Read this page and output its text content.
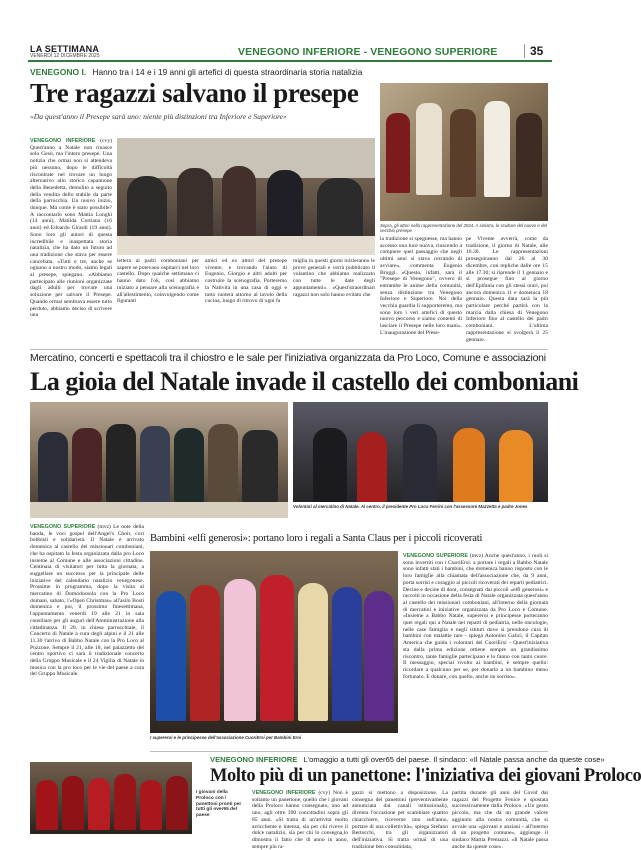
LA SETTIMANA
VENERDÌ 12 DICEMBRE 2025	VENEGONO INFERIORE - VENEGONO SUPERIORE	35
VENEGONO I. Hanno tra i 14 e i 19 anni gli artefici di questa straordinaria storia natalizia
Tre ragazzi salvano il presepe
«Da quest'anno il Presepe sarà uno: niente più distinzioni tra Inferiore e Superiore»
VENEGONO INFERIORE (cvy) Quest'anno a Natale non rinasce solo Gesù, ma l'intero presepe. Una notizia che ormai non si attendeva più nessuno, dopo le difficoltà riscontrate nel trovare un luogo alternativo allo storico capannone della Benedetta, demolito a seguito della vendita dello stabile da parte della parrocchia. Un nuovo inizio, dunque. Ma come è stato possibile? A raccontarlo sono Mattia Longhi (14 anni), Matilda Cortiana (16 anni) ed Edoardo Girardi (19 anni). Sono loro gli autori di questa incredibile e inaspettata storia natalizia, che ha dato un futuro ad una tradizione che stava per essere cancellata. «Tutti e tre, anche se ognuno a nostro modo, siamo legati al presepe, spiegano. «Abbiamo partecipato alle riunioni organizzate dagli adulti per trovare una soluzione per salvare il Presepe. Quando ormai sembrava essere tutto perduto, abbiamo deciso di scrivere una
Sopra, gli attori nella rappresentazione del 2024. A sinistra, le sculture del nuovo e del vecchio presepe
lettera ai padri comboniani per sapere se potevano ospitarci nel loro castello. Dopo qualche settimana ci hanno dato l'ok, così abbiamo iniziato a pensare alla scenografia e all'allestimento, coinvolgendo come figuranti
amici ed ex attori del presepe vivente, e trovando l'aiuto di Eugenio, Giorgio e altri adulti per costruire la scenografia. Porteremo la Natività in una casa di oggi e tutto ruoterà attorno al tavolo della cucina, luogo di ritrovo di ogni fa
miglia in questi giorni inizieranno le prove generali e verrà pubblicato il volantino che abbiamo realizzato con tutte le date degli appuntamenti». «Quest'straordinari ragazzi non solo hanno evitato che
la tradizione si spegnesse, ma hanno accesso una luce nuova, riuscendo a compiere quel passaggio che negli ultimi anni si stava cercando di avviare», commenta Eugenio Broggi. «Questo, infatti, sarà il "Presepe di Venegono", ovvero di entrambe le anime della comunità, senza distinzione tra Venegono Inferiore e Superiore. Noi della vecchia guardia li supporteremo, ma sono loro i veri artefici di questo nuovo percorso e siamo contenti di lasciare il Presepe nelle loro mani». L'inaugurazione del Prese-
pe Vivente avverrà, come da tradizione, il giorno di Natale, alle 16.30. Le rappresentazioni proseguiranno dal 26 al 30 dicembre, con repliche dalle ore 15 alle 17.30; si riprende il 1 gennaio e si prosegue fino al giorno dell'Epifania con gli stessi orari, poi ancora domenica 11 e domenica 18 gennaio. Questa data sarà la più particolare perché partirà con la marcia dalla chiesa di Venegono Inferiore fino al castello dei padri comboniani. L'ultima rappresentazione si svolgerà il 25 gennaio.
Mercatino, concerti e spettacoli tra il chiostro e le sale per l'iniziativa organizzata da Pro Loco, Comune e associazioni
La gioia del Natale invade il castello dei comboniani
Volontari al mercatino di Natale. Al centro, il presidente Pro Loco Ferrini con l'assessore Mazzetta e padre Jones
VENEGONO SUPERIORE (mvz) Le note della banda, le voci gospel dell'Angel's Choir, cori bobbisti e solidarietà. Il Natale è arrivato domenica al castello dei missionari comboniani, che ha ospitato la festa organizzata dalla pro Loco insieme al Comune e alle associazioni cittadine. Centinaia di visitatori per tutta la giornata, a suggellare un successo per la principale delle iniziative del calendario natalizio venegonese. Prossime in programma, dopo la visita al mercatino di Domodossola con la Pro Loco domani, sabato, l'«Open Christmas» all'asilo Bosti domenica e poi, il prossimo finesettimana, l'appuntamento venerdì 19 alle 21 in sala consiliare per gli auguri dell'Amministrazione alla cittadinanza. Il 20, in chiesa parrocchiale, il Concerto di Natale a cura degli alpini e il 21 alle 11.30 l'arrivo di Babbo Natale con la Pro Loco al Pozzone. Sempre il 21, alle 18, nel palazzetto del centro sportivo ci sarà il tradizionale concerto della Gruppo Musicale e il 24 Vigilia di Natale in musica con la pro loco per le vie del paese a cura del Gruppo Musicale.
Bambini «elfi generosi»: portano loro i regali a Santa Claus per i piccoli ricoverati
I supereroi e le principesse dell'associazione CuoriErsi per Bambini Eroi
VENEGONO SUPERIORE (mvz) Anche quest'anno, i ruoli si sono invertiti con i CuoriErsi: a portare i regali a Babbo Natale sono infatti stati i bambini, che domenica hanno risposto con le loro famiglie alla chiamata dell'associazione che, da 9 anni, porta sorrisi e coraggio ai piccoli ricoverati dei reparti pediatrici. Decine e decine di doni, consegnati dai piccoli «elfi generosi» e raccolti in occasione della festa di Natale organizzata quest'anno al castello dei missionari comboniani, all'interno della giornata di mercatini e iniziative organizzata da Pro Loco e Comune. «Insieme a Babbo Natale, supereroi e principesse porteranno quei regali qui a Natale nei reparti di pediatria, nelle oncologie, nelle case famiglia e negli istituti dove si prendono cura di bambini con malattie rare - spiega Antonino Galici, il Capitan America che guida i volontari dei CuoriErsi - Quest'iniziativa sta dalla prima edizione ottiene sempre un grandissimo riscontro, tante famiglie partecipano e lo fanno con tanto cuore. Il messaggio, special rivolto ai bambini, è sempre quello: ricordare a qualcuno per se, per donarlo a un bambino meno fortunato. E donare, con quello, anche un sorriso».
VENEGONO INFERIORE L'omaggio a tutti gli over65 del paese. Il sindaco: «Il Natale passa anche da queste cose»
Molto più di un panettone: l'iniziativa dei giovani Proloco
I giovani della Proloco con i panettoni pronti per tutti gli over65 del paese
VENEGONO INFERIORE (cvy) Non è soltanto un panettone, quello che i giovani della Proloco hanno consegnato, uno ad uno, agli oltre 390 concittadini sopra gli 85 anni. «Si tratta di un'attività molto arricchente e intensa, sia per chi riceve il dolce natalizio, sia per chi lo consegna,lo dimostra il fatto che di anno in anno, sempre più ra-
gazzi si mettono a disposizione. La consegna dei panettoni (preventivamente annunciata dai canali istituzionali), diventa l'occasione per scambiare quattro chiacchiere, riceverne uno sull'anno, portare di una collettività», spiega Stefano Bertocchi, tra gli organizzatori dell'iniziativa. Si tratta ormai di una tradizione ben consolidata,
partita durante gli anni del Covid dai ragazzi del Progetto Fenice e spostata successivamente dalla Proloco. «Un gesto piccolo, ma che dà un grande valore aggiunto alla nostra comunità, che si avvale una «giovani e anziani - all'interno di un progetto comune», aggiunge il sindaco Mattia Premazzi. «Il Natale passa anche da queste cose».
